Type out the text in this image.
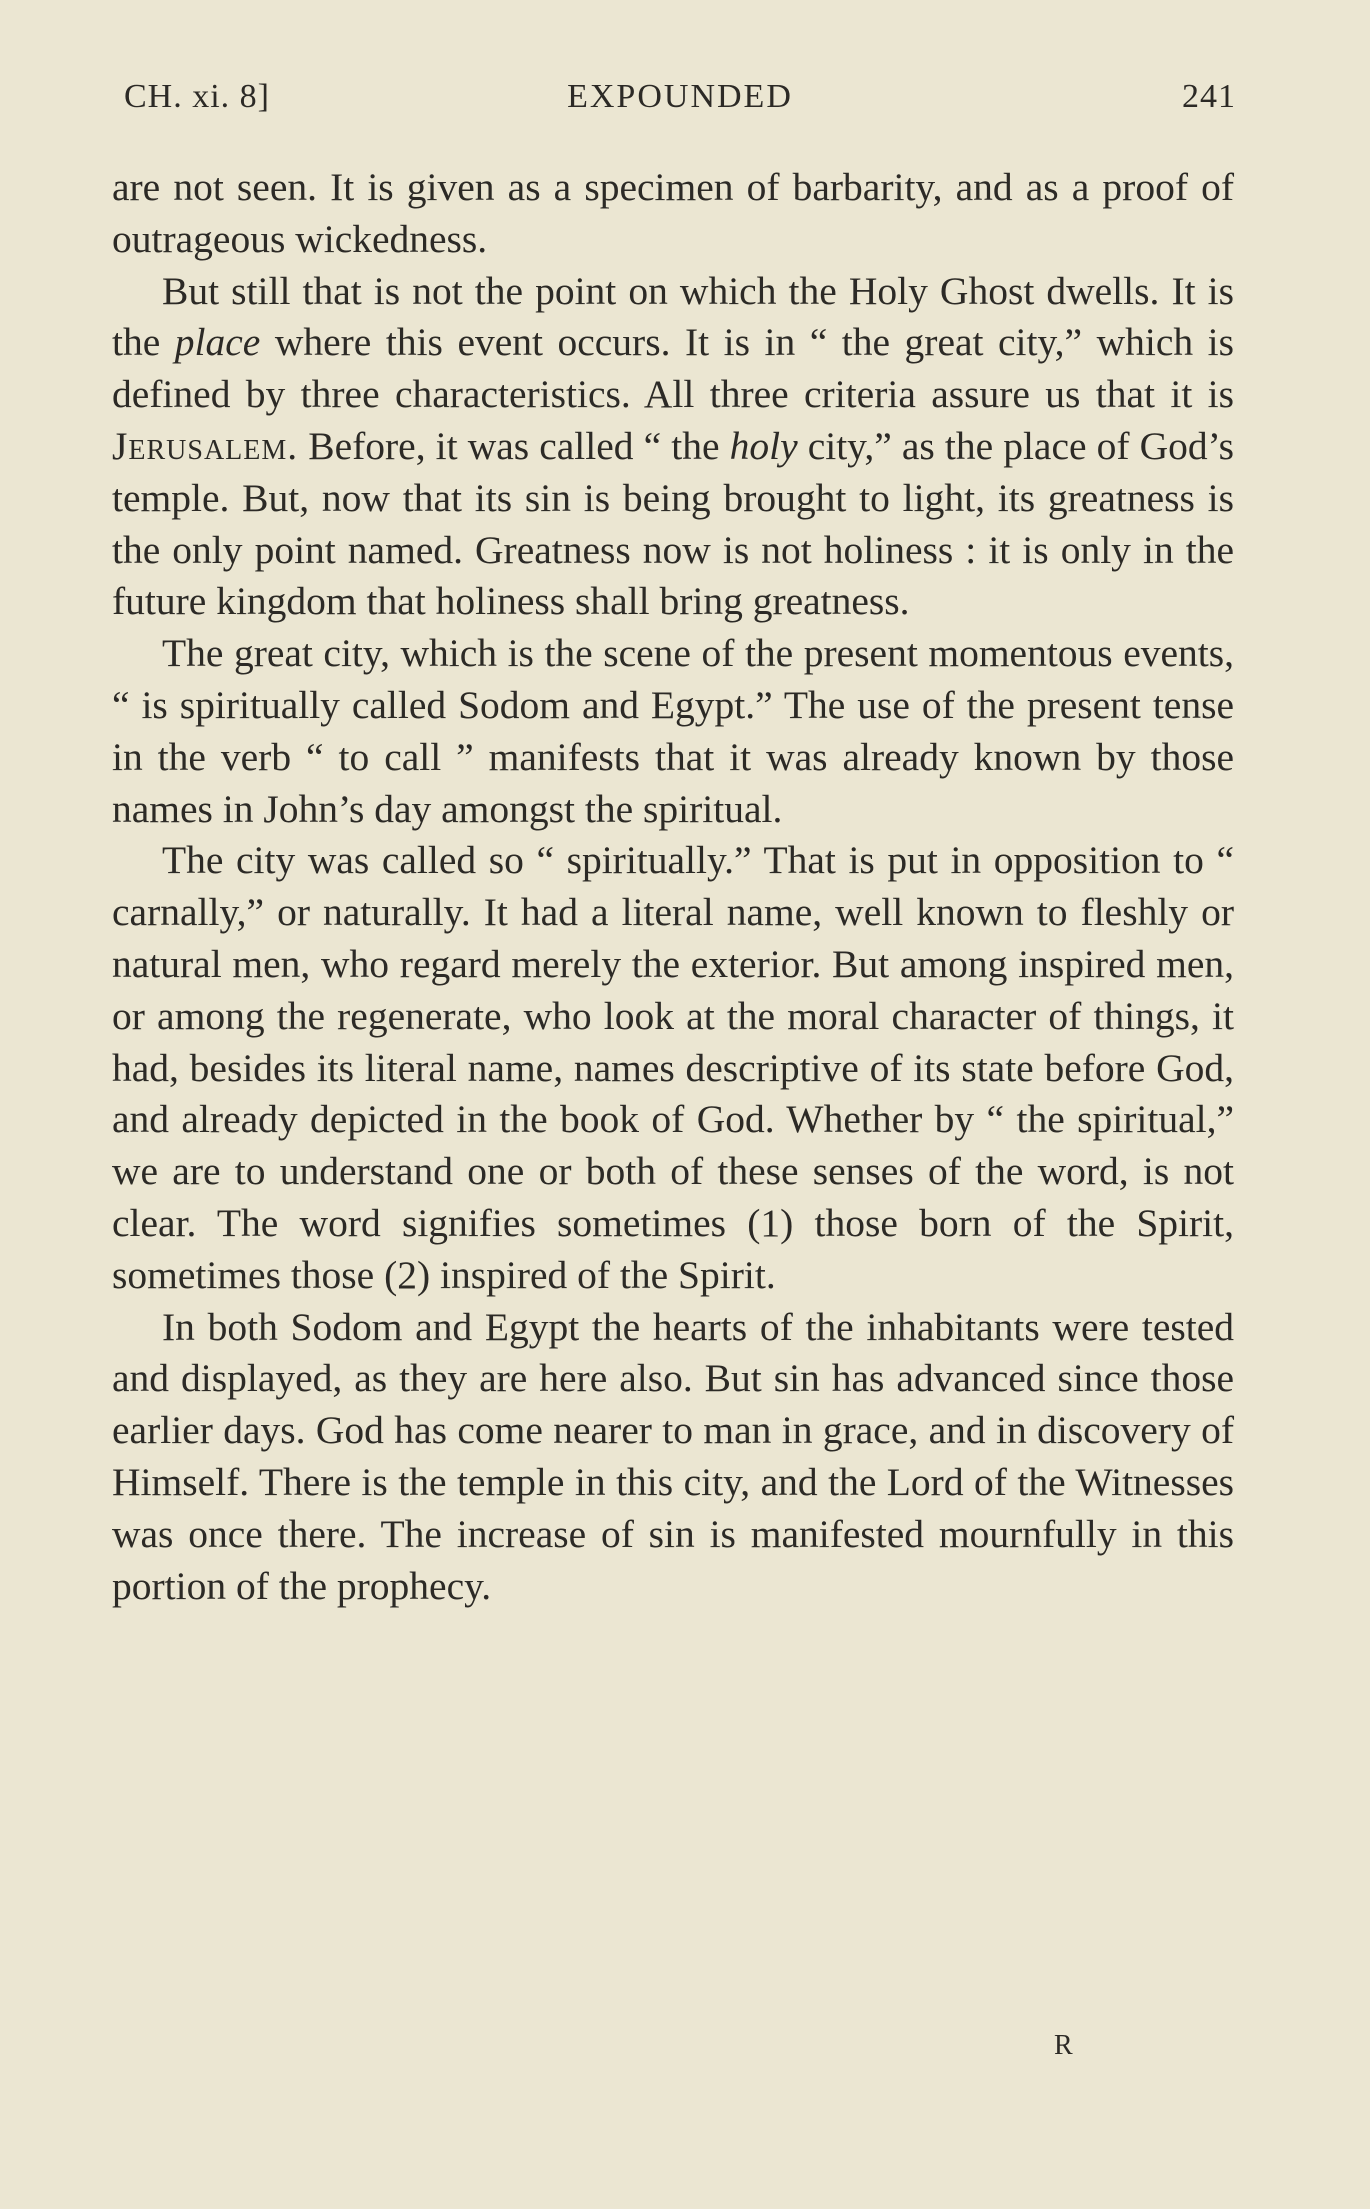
CH. xi. 8]	EXPOUNDED	241

are not seen. It is given as a specimen of barbarity, and as a proof of outrageous wickedness.

But still that is not the point on which the Holy Ghost dwells. It is the place where this event occurs. It is in “ the great city,” which is defined by three characteristics. All three criteria assure us that it is Jerusalem. Before, it was called “ the holy city,” as the place of God’s temple. But, now that its sin is being brought to light, its greatness is the only point named. Greatness now is not holiness : it is only in the future kingdom that holiness shall bring greatness.

The great city, which is the scene of the present momentous events, “ is spiritually called Sodom and Egypt.” The use of the present tense in the verb “ to call ” manifests that it was already known by those names in John’s day amongst the spiritual.

The city was called so “ spiritually.” That is put in opposition to “ carnally,” or naturally. It had a literal name, well known to fleshly or natural men, who regard merely the exterior. But among inspired men, or among the regenerate, who look at the moral character of things, it had, besides its literal name, names descriptive of its state before God, and already depicted in the book of God. Whether by “ the spiritual,” we are to understand one or both of these senses of the word, is not clear. The word signifies sometimes (1) those born of the Spirit, sometimes those (2) inspired of the Spirit.

In both Sodom and Egypt the hearts of the inhabitants were tested and displayed, as they are here also. But sin has advanced since those earlier days. God has come nearer to man in grace, and in discovery of Himself. There is the temple in this city, and the Lord of the Witnesses was once there. The increase of sin is manifested mournfully in this portion of the prophecy.

R
